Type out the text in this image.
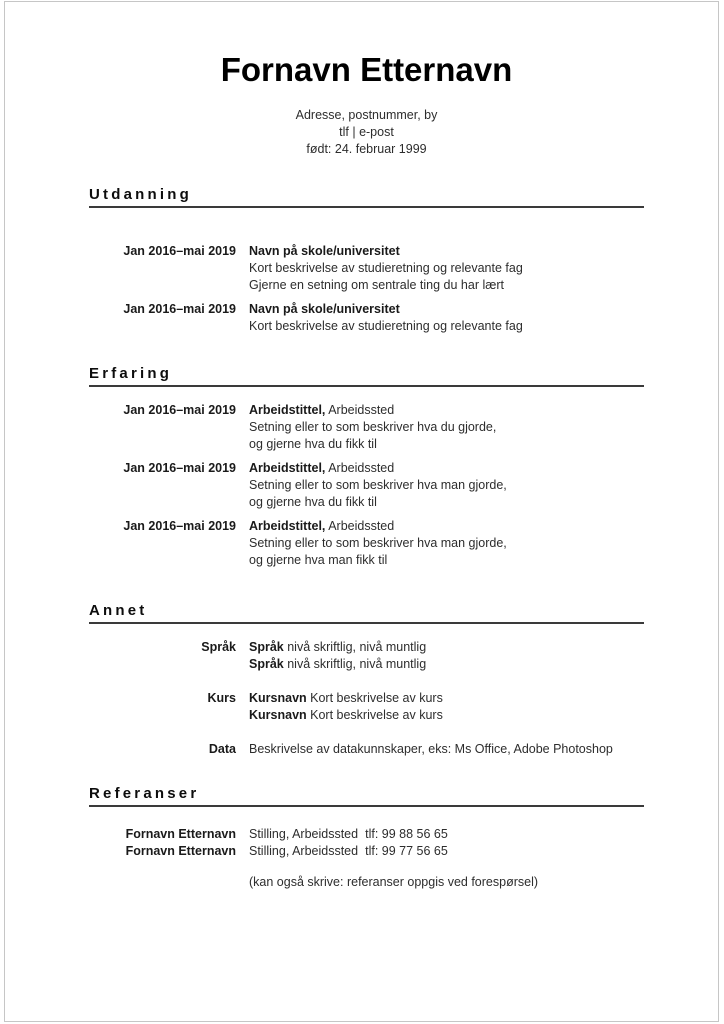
Fornavn Etternavn
Adresse, postnummer, by
tlf | e-post
født: 24. februar 1999
Utdanning
Jan 2016–mai 2019 Navn på skole/universitet
Kort beskrivelse av studieretning og relevante fag
Gjerne en setning om sentrale ting du har lært
Jan 2016–mai 2019 Navn på skole/universitet
Kort beskrivelse av studieretning og relevante fag
Erfaring
Jan 2016–mai 2019 Arbeidstittel, Arbeidssted
Setning eller to som beskriver hva du gjorde,
og gjerne hva du fikk til
Jan 2016–mai 2019 Arbeidstittel, Arbeidssted
Setning eller to som beskriver hva man gjorde,
og gjerne hva du fikk til
Jan 2016–mai 2019 Arbeidstittel, Arbeidssted
Setning eller to som beskriver hva man gjorde,
og gjerne hva man fikk til
Annet
Språk Språk nivå skriftlig, nivå muntlig
Språk nivå skriftlig, nivå muntlig
Kurs Kursnavn Kort beskrivelse av kurs
Kursnavn Kort beskrivelse av kurs
Data Beskrivelse av datakunnskaper, eks: Ms Office, Adobe Photoshop
Referanser
Fornavn Etternavn Stilling, Arbeidssted tlf: 99 88 56 65
Fornavn Etternavn Stilling, Arbeidssted tlf: 99 77 56 65
(kan også skrive: referanser oppgis ved forespørsel)
